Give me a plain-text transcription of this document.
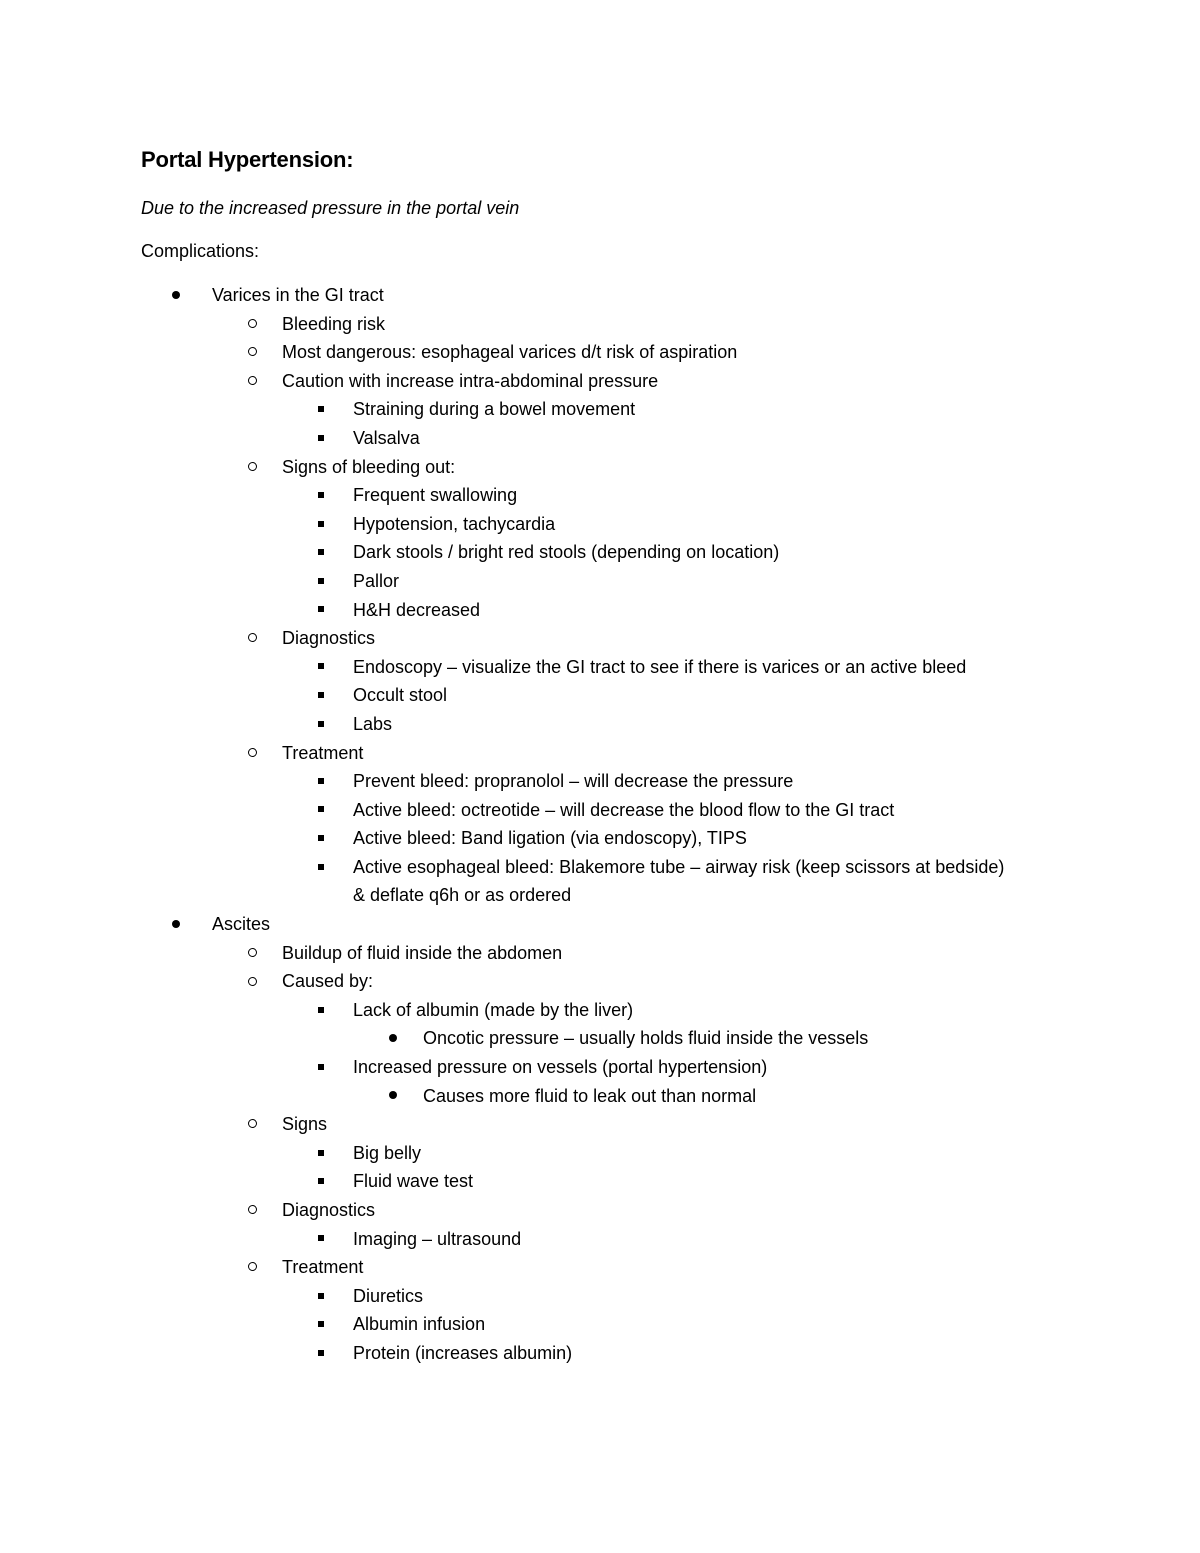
Portal Hypertension:

Due to the increased pressure in the portal vein

Complications:

Varices in the GI tract
Bleeding risk
Most dangerous: esophageal varices d/t risk of aspiration
Caution with increase intra-abdominal pressure
Straining during a bowel movement
Valsalva
Signs of bleeding out:
Frequent swallowing
Hypotension, tachycardia
Dark stools / bright red stools (depending on location)
Pallor
H&H decreased
Diagnostics
Endoscopy – visualize the GI tract to see if there is varices or an active bleed
Occult stool
Labs
Treatment
Prevent bleed: propranolol – will decrease the pressure
Active bleed: octreotide – will decrease the blood flow to the GI tract
Active bleed: Band ligation (via endoscopy), TIPS
Active esophageal bleed: Blakemore tube – airway risk (keep scissors at bedside)
& deflate q6h or as ordered
Ascites
Buildup of fluid inside the abdomen
Caused by:
Lack of albumin (made by the liver)
Oncotic pressure – usually holds fluid inside the vessels
Increased pressure on vessels (portal hypertension)
Causes more fluid to leak out than normal
Signs
Big belly
Fluid wave test
Diagnostics
Imaging – ultrasound
Treatment
Diuretics
Albumin infusion
Protein (increases albumin)
